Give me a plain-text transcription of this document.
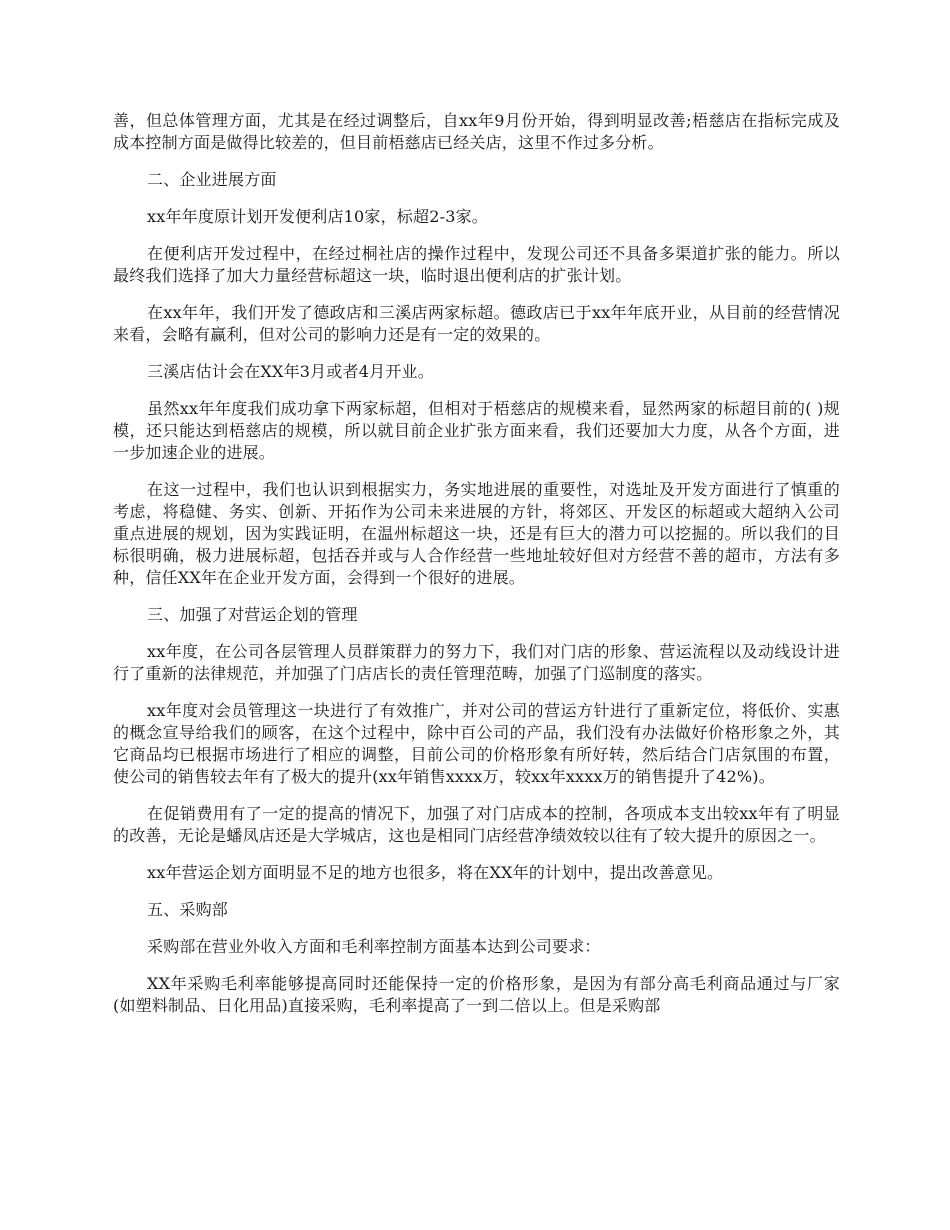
善，但总体管理方面，尤其是在经过调整后，自xx年9月份开始，得到明显改善;梧慈店在指标完成及成本控制方面是做得比较差的，但目前梧慈店已经关店，这里不作过多分析。

二、企业进展方面

xx年年度原计划开发便利店10家，标超2-3家。

在便利店开发过程中，在经过桐社店的操作过程中，发现公司还不具备多渠道扩张的能力。所以最终我们选择了加大力量经营标超这一块，临时退出便利店的扩张计划。

在xx年年，我们开发了德政店和三溪店两家标超。德政店已于xx年年底开业，从目前的经营情况来看，会略有赢利，但对公司的影响力还是有一定的效果的。

三溪店估计会在XX年3月或者4月开业。

虽然xx年年度我们成功拿下两家标超，但相对于梧慈店的规模来看，显然两家的标超目前的( )规模，还只能达到梧慈店的规模，所以就目前企业扩张方面来看，我们还要加大力度，从各个方面，进一步加速企业的进展。

在这一过程中，我们也认识到根据实力，务实地进展的重要性，对选址及开发方面进行了慎重的考虑，将稳健、务实、创新、开拓作为公司未来进展的方针，将郊区、开发区的标超或大超纳入公司重点进展的规划，因为实践证明，在温州标超这一块，还是有巨大的潜力可以挖掘的。所以我们的目标很明确，极力进展标超，包括吞并或与人合作经营一些地址较好但对方经营不善的超市，方法有多种，信任XX年在企业开发方面，会得到一个很好的进展。

三、加强了对营运企划的管理

xx年度，在公司各层管理人员群策群力的努力下，我们对门店的形象、营运流程以及动线设计进行了重新的法律规范，并加强了门店店长的责任管理范畴，加强了门巡制度的落实。

xx年度对会员管理这一块进行了有效推广，并对公司的营运方针进行了重新定位，将低价、实惠的概念宣导给我们的顾客，在这个过程中，除中百公司的产品，我们没有办法做好价格形象之外，其它商品均已根据市场进行了相应的调整，目前公司的价格形象有所好转，然后结合门店氛围的布置，使公司的销售较去年有了极大的提升(xx年销售xxxx万，较xx年xxxx万的销售提升了42%)。

在促销费用有了一定的提高的情况下，加强了对门店成本的控制，各项成本支出较xx年有了明显的改善，无论是蟠凤店还是大学城店，这也是相同门店经营净绩效较以往有了较大提升的原因之一。

xx年营运企划方面明显不足的地方也很多，将在XX年的计划中，提出改善意见。

五、采购部

采购部在营业外收入方面和毛利率控制方面基本达到公司要求：

XX年采购毛利率能够提高同时还能保持一定的价格形象，是因为有部分高毛利商品通过与厂家(如塑料制品、日化用品)直接采购，毛利率提高了一到二倍以上。但是采购部
